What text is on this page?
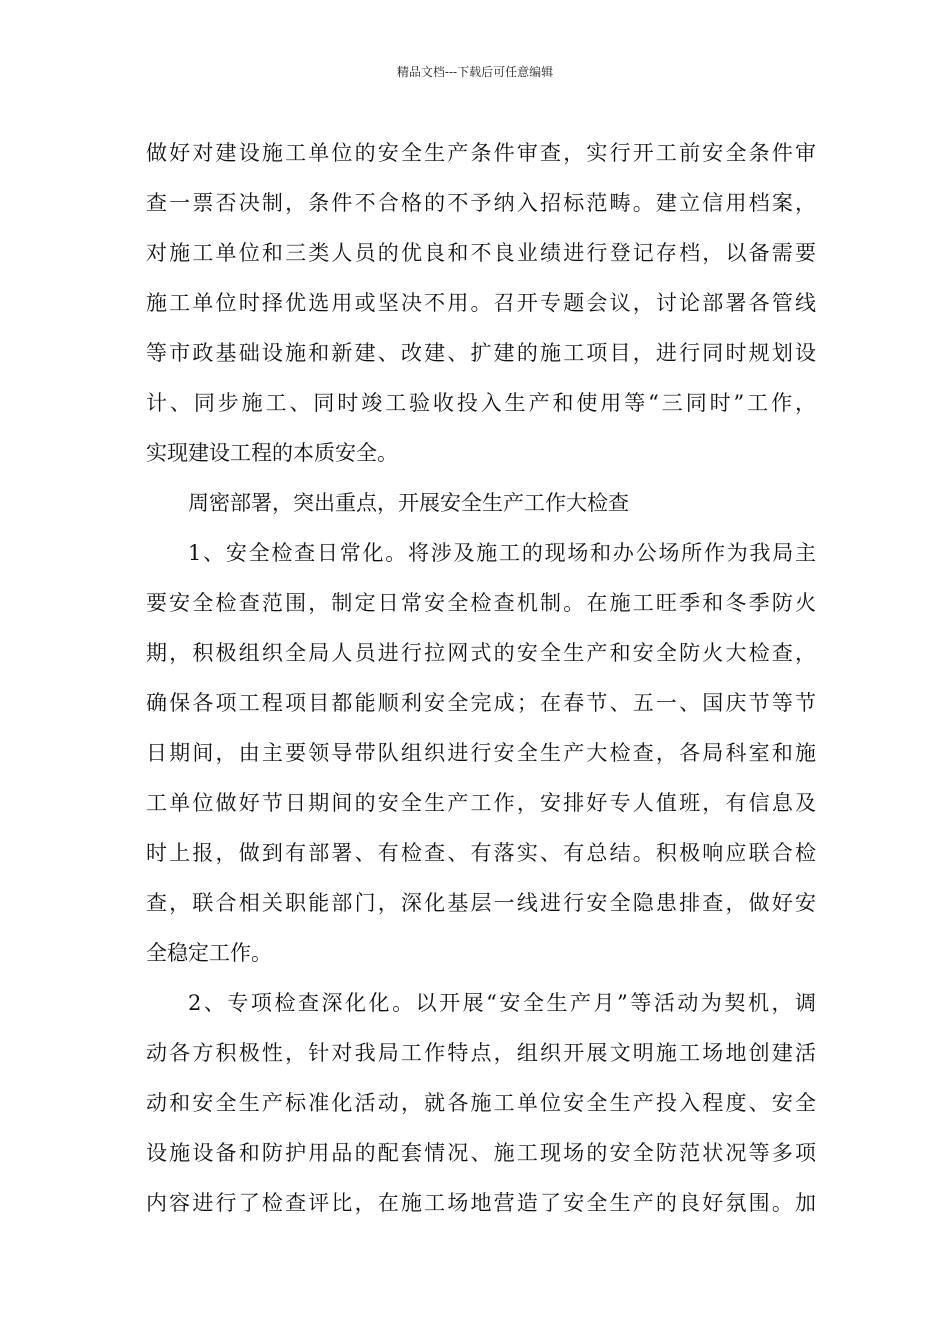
精品文档---下载后可任意编辑
做好对建设施工单位的安全生产条件审查，实行开工前安全条件审
查一票否决制，条件不合格的不予纳入招标范畴。建立信用档案，
对施工单位和三类人员的优良和不良业绩进行登记存档，以备需要
施工单位时择优选用或坚决不用。召开专题会议，讨论部署各管线
等市政基础设施和新建、改建、扩建的施工项目，进行同时规划设
计、同步施工、同时竣工验收投入生产和使用等“三同时”工作，
实现建设工程的本质安全。
周密部署，突出重点，开展安全生产工作大检查
1、安全检查日常化。将涉及施工的现场和办公场所作为我局主
要安全检查范围，制定日常安全检查机制。在施工旺季和冬季防火
期，积极组织全局人员进行拉网式的安全生产和安全防火大检查，
确保各项工程项目都能顺利安全完成；在春节、五一、国庆节等节
日期间，由主要领导带队组织进行安全生产大检查，各局科室和施
工单位做好节日期间的安全生产工作，安排好专人值班，有信息及
时上报，做到有部署、有检查、有落实、有总结。积极响应联合检
查，联合相关职能部门，深化基层一线进行安全隐患排查，做好安
全稳定工作。
2、专项检查深化化。以开展“安全生产月”等活动为契机，调
动各方积极性，针对我局工作特点，组织开展文明施工场地创建活
动和安全生产标准化活动，就各施工单位安全生产投入程度、安全
设施设备和防护用品的配套情况、施工现场的安全防范状况等多项
内容进行了检查评比，在施工场地营造了安全生产的良好氛围。加
